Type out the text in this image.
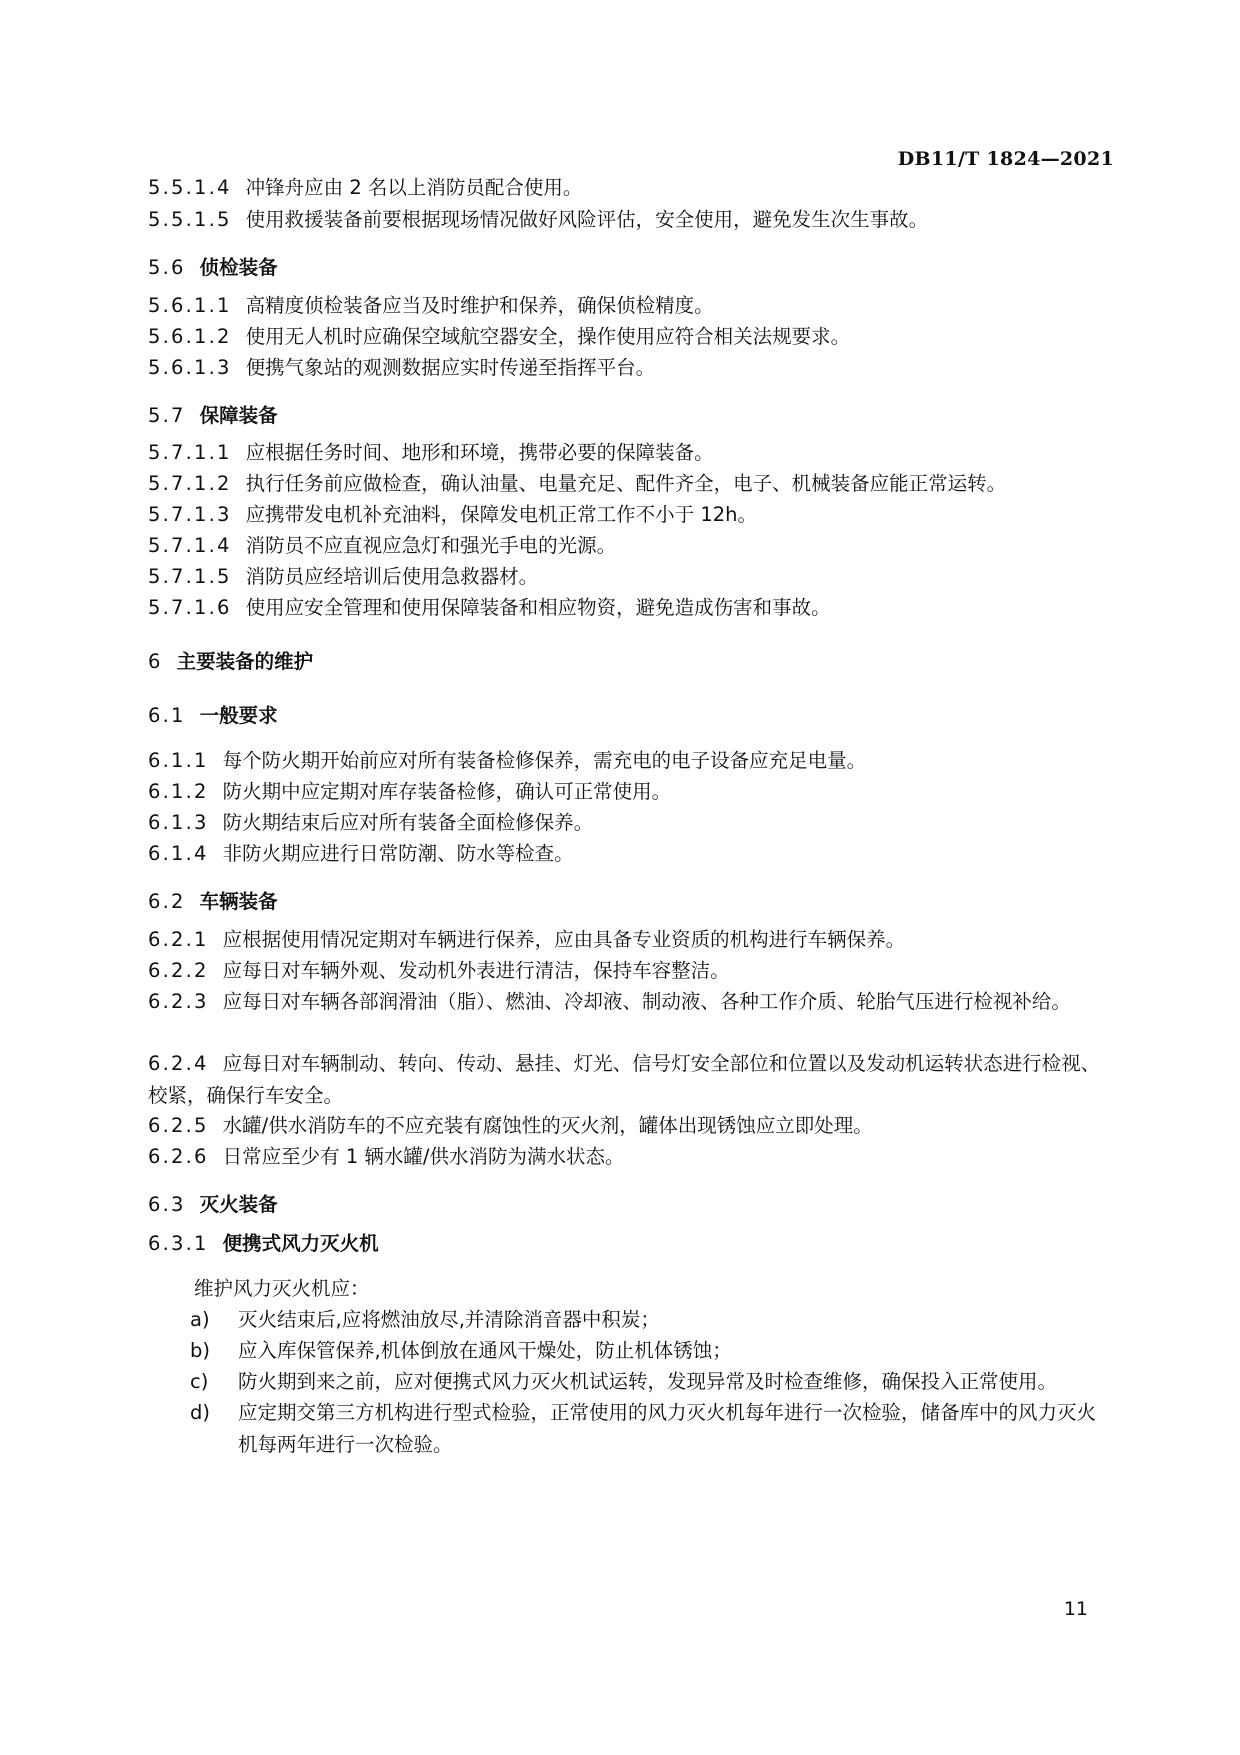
DB11/T 1824—2021
5.5.1.4 冲锋舟应由 2 名以上消防员配合使用。
5.5.1.5 使用救援装备前要根据现场情况做好风险评估，安全使用，避免发生次生事故。
5.6 侦检装备
5.6.1.1 高精度侦检装备应当及时维护和保养，确保侦检精度。
5.6.1.2 使用无人机时应确保空域航空器安全，操作使用应符合相关法规要求。
5.6.1.3 便携气象站的观测数据应实时传递至指挥平台。
5.7 保障装备
5.7.1.1 应根据任务时间、地形和环境，携带必要的保障装备。
5.7.1.2 执行任务前应做检查，确认油量、电量充足、配件齐全，电子、机械装备应能正常运转。
5.7.1.3 应携带发电机补充油料，保障发电机正常工作不小于 12h。
5.7.1.4 消防员不应直视应急灯和强光手电的光源。
5.7.1.5 消防员应经培训后使用急救器材。
5.7.1.6 使用应安全管理和使用保障装备和相应物资，避免造成伤害和事故。
6 主要装备的维护
6.1 一般要求
6.1.1 每个防火期开始前应对所有装备检修保养，需充电的电子设备应充足电量。
6.1.2 防火期中应定期对库存装备检修，确认可正常使用。
6.1.3 防火期结束后应对所有装备全面检修保养。
6.1.4 非防火期应进行日常防潮、防水等检查。
6.2 车辆装备
6.2.1 应根据使用情况定期对车辆进行保养，应由具备专业资质的机构进行车辆保养。
6.2.2 应每日对车辆外观、发动机外表进行清洁，保持车容整洁。
6.2.3 应每日对车辆各部润滑油（脂）、燃油、冷却液、制动液、各种工作介质、轮胎气压进行检视补给。
6.2.4 应每日对车辆制动、转向、传动、悬挂、灯光、信号灯安全部位和位置以及发动机运转状态进行检视、校紧，确保行车安全。
6.2.5 水罐/供水消防车的不应充装有腐蚀性的灭火剂，罐体出现锈蚀应立即处理。
6.2.6 日常应至少有 1 辆水罐/供水消防为满水状态。
6.3 灭火装备
6.3.1 便携式风力灭火机
维护风力灭火机应：
a) 灭火结束后,应将燃油放尽,并清除消音器中积炭；
b) 应入库保管保养,机体倒放在通风干燥处，防止机体锈蚀；
c) 防火期到来之前，应对便携式风力灭火机试运转，发现异常及时检查维修，确保投入正常使用。
d) 应定期交第三方机构进行型式检验，正常使用的风力灭火机每年进行一次检验，储备库中的风力灭火机每两年进行一次检验。
11
